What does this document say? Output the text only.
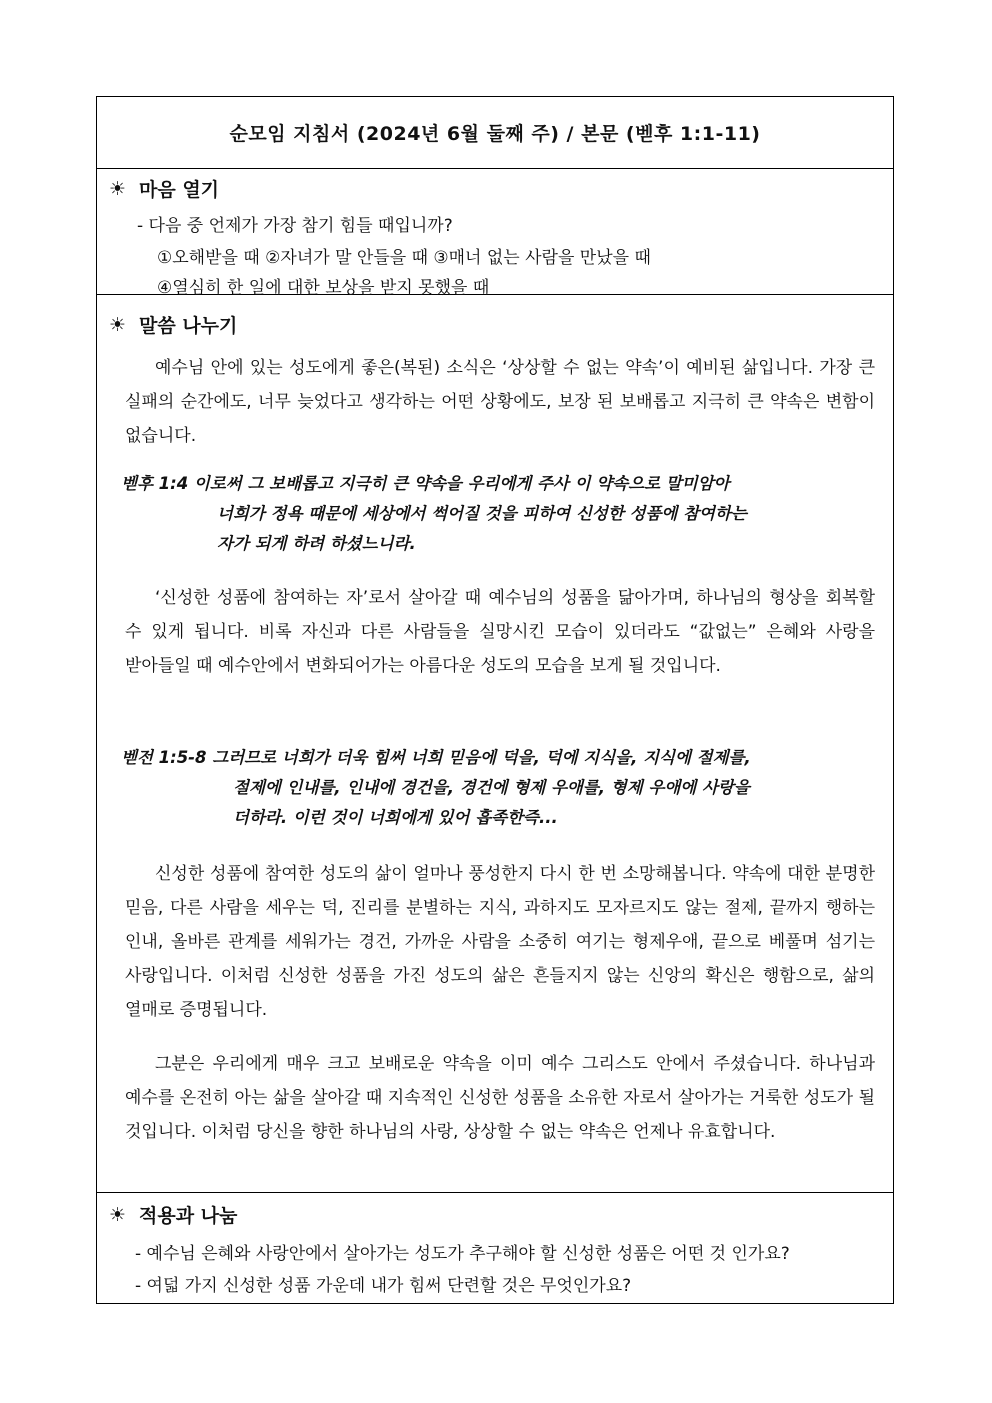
순모임 지침서 (2024년 6월 둘째 주) / 본문 (벧후 1:1-11)
☀ 마음 열기
- 다음 중 언제가 가장 참기 힘들 때입니까?
①오해받을 때 ②자녀가 말 안들을 때 ③매너 없는 사람을 만났을 때
④열심히 한 일에 대한 보상을 받지 못했을 때
☀ 말씀 나누기

예수님 안에 있는 성도에게 좋은(복된) 소식은 ‘상상할 수 없는 약속’이 예비된 삶입니다. 가장 큰 실패의 순간에도, 너무 늦었다고 생각하는 어떤 상황에도, 보장 된 보배롭고 지극히 큰 약속은 변함이 없습니다.

벧후 1:4 이로써 그 보배롭고 지극히 큰 약속을 우리에게 주사 이 약속으로 말미암아
너희가 정욕 때문에 세상에서 썩어질 것을 피하여 신성한 성품에 참여하는
자가 되게 하려 하셨느니라.

‘신성한 성품에 참여하는 자’로서 살아갈 때 예수님의 성품을 닮아가며, 하나님의 형상을 회복할 수 있게 됩니다. 비록 자신과 다른 사람들을 실망시킨 모습이 있더라도 “값없는” 은혜와 사랑을 받아들일 때 예수안에서 변화되어가는 아름다운 성도의 모습을 보게 될 것입니다.

벧전 1:5-8 그러므로 너희가 더욱 힘써 너희 믿음에 덕을, 덕에 지식을, 지식에 절제를,
절제에 인내를, 인내에 경건을, 경건에 형제 우애를, 형제 우애에 사랑을
더하라. 이런 것이 너희에게 있어 흡족한즉...

신성한 성품에 참여한 성도의 삶이 얼마나 풍성한지 다시 한 번 소망해봅니다. 약속에 대한 분명한 믿음, 다른 사람을 세우는 덕, 진리를 분별하는 지식, 과하지도 모자르지도 않는 절제, 끝까지 행하는 인내, 올바른 관계를 세워가는 경건, 가까운 사람을 소중히 여기는 형제우애, 끝으로 베풀며 섬기는 사랑입니다. 이처럼 신성한 성품을 가진 성도의 삶은 흔들지지 않는 신앙의 확신은 행함으로, 삶의 열매로 증명됩니다.

그분은 우리에게 매우 크고 보배로운 약속을 이미 예수 그리스도 안에서 주셨습니다. 하나님과 예수를 온전히 아는 삶을 살아갈 때 지속적인 신성한 성품을 소유한 자로서 살아가는 거룩한 성도가 될 것입니다. 이처럼 당신을 향한 하나님의 사랑, 상상할 수 없는 약속은 언제나 유효합니다.

☀ 적용과 나눔
- 예수님 은혜와 사랑안에서 살아가는 성도가 추구해야 할 신성한 성품은 어떤 것 인가요?
- 여덟 가지 신성한 성품 가운데 내가 힘써 단련할 것은 무엇인가요?
